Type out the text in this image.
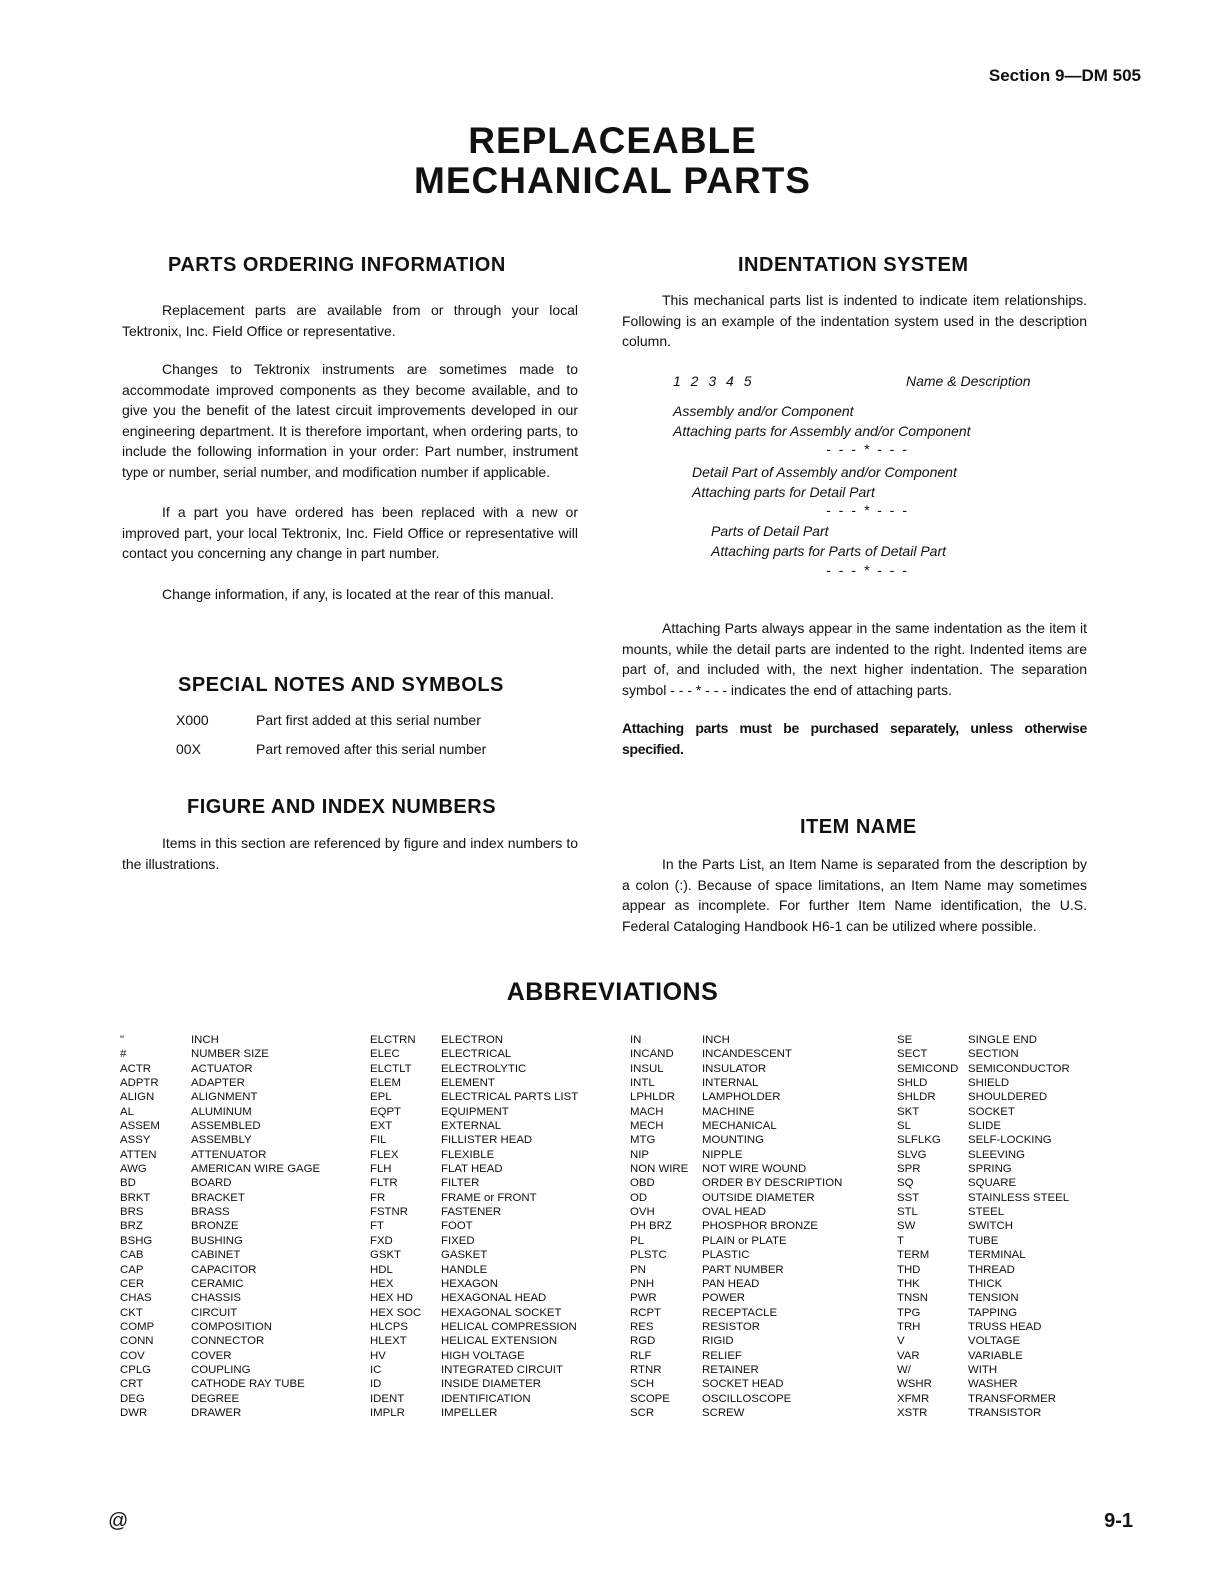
Section 9—DM 505
REPLACEABLE
MECHANICAL PARTS
PARTS ORDERING INFORMATION

Replacement parts are available from or through your local Tektronix, Inc. Field Office or representative.

Changes to Tektronix instruments are sometimes made to accommodate improved components as they become available, and to give you the benefit of the latest circuit improvements developed in our engineering department. It is therefore important, when ordering parts, to include the following information in your order: Part number, instrument type or number, serial number, and modification number if applicable.

If a part you have ordered has been replaced with a new or improved part, your local Tektronix, Inc. Field Office or representative will contact you concerning any change in part number.

Change information, if any, is located at the rear of this manual.

SPECIAL NOTES AND SYMBOLS
X000	Part first added at this serial number
00X	Part removed after this serial number
FIGURE AND INDEX NUMBERS

Items in this section are referenced by figure and index numbers to the illustrations.

INDENTATION SYSTEM

This mechanical parts list is indented to indicate item relationships. Following is an example of the indentation system used in the description column.

1 2 3 4 5	Name & Description
Assembly and/or Component
Attaching parts for Assembly and/or Component
- - - * - - -
Detail Part of Assembly and/or Component
Attaching parts for Detail Part
- - - * - - -
Parts of Detail Part
Attaching parts for Parts of Detail Part
- - - * - - -

Attaching Parts always appear in the same indentation as the item it mounts, while the detail parts are indented to the right. Indented items are part of, and included with, the next higher indentation. The separation symbol - - - * - - - indicates the end of attaching parts.

Attaching parts must be purchased separately, unless otherwise specified.

ITEM NAME

In the Parts List, an Item Name is separated from the description by a colon (:). Because of space limitations, an Item Name may sometimes appear as incomplete. For further Item Name identification, the U.S. Federal Cataloging Handbook H6-1 can be utilized where possible.

ABBREVIATIONS
"	INCH
#	NUMBER SIZE
ACTR	ACTUATOR
ADPTR	ADAPTER
ALIGN	ALIGNMENT
AL	ALUMINUM
ASSEM	ASSEMBLED
ASSY	ASSEMBLY
ATTEN	ATTENUATOR
AWG	AMERICAN WIRE GAGE
BD	BOARD
BRKT	BRACKET
BRS	BRASS
BRZ	BRONZE
BSHG	BUSHING
CAB	CABINET
CAP	CAPACITOR
CER	CERAMIC
CHAS	CHASSIS
CKT	CIRCUIT
COMP	COMPOSITION
CONN	CONNECTOR
COV	COVER
CPLG	COUPLING
CRT	CATHODE RAY TUBE
DEG	DEGREE
DWR	DRAWER
ELCTRN	ELECTRON
ELEC	ELECTRICAL
ELCTLT	ELECTROLYTIC
ELEM	ELEMENT
EPL	ELECTRICAL PARTS LIST
EQPT	EQUIPMENT
EXT	EXTERNAL
FIL	FILLISTER HEAD
FLEX	FLEXIBLE
FLH	FLAT HEAD
FLTR	FILTER
FR	FRAME or FRONT
FSTNR	FASTENER
FT	FOOT
FXD	FIXED
GSKT	GASKET
HDL	HANDLE
HEX	HEXAGON
HEX HD	HEXAGONAL HEAD
HEX SOC	HEXAGONAL SOCKET
HLCPS	HELICAL COMPRESSION
HLEXT	HELICAL EXTENSION
HV	HIGH VOLTAGE
IC	INTEGRATED CIRCUIT
ID	INSIDE DIAMETER
IDENT	IDENTIFICATION
IMPLR	IMPELLER
IN	INCH
INCAND	INCANDESCENT
INSUL	INSULATOR
INTL	INTERNAL
LPHLDR	LAMPHOLDER
MACH	MACHINE
MECH	MECHANICAL
MTG	MOUNTING
NIP	NIPPLE
NON WIRE	NOT WIRE WOUND
OBD	ORDER BY DESCRIPTION
OD	OUTSIDE DIAMETER
OVH	OVAL HEAD
PH BRZ	PHOSPHOR BRONZE
PL	PLAIN or PLATE
PLSTC	PLASTIC
PN	PART NUMBER
PNH	PAN HEAD
PWR	POWER
RCPT	RECEPTACLE
RES	RESISTOR
RGD	RIGID
RLF	RELIEF
RTNR	RETAINER
SCH	SOCKET HEAD
SCOPE	OSCILLOSCOPE
SCR	SCREW
SE	SINGLE END
SECT	SECTION
SEMICOND SEMICONDUCTOR
SHLD	SHIELD
SHLDR	SHOULDERED
SKT	SOCKET
SL	SLIDE
SLFLKG	SELF-LOCKING
SLVG	SLEEVING
SPR	SPRING
SQ	SQUARE
SST	STAINLESS STEEL
STL	STEEL
SW	SWITCH
T	TUBE
TERM	TERMINAL
THD	THREAD
THK	THICK
TNSN	TENSION
TPG	TAPPING
TRH	TRUSS HEAD
V	VOLTAGE
VAR	VARIABLE
W/	WITH
WSHR	WASHER
XFMR	TRANSFORMER
XSTR	TRANSISTOR
@	9-1
